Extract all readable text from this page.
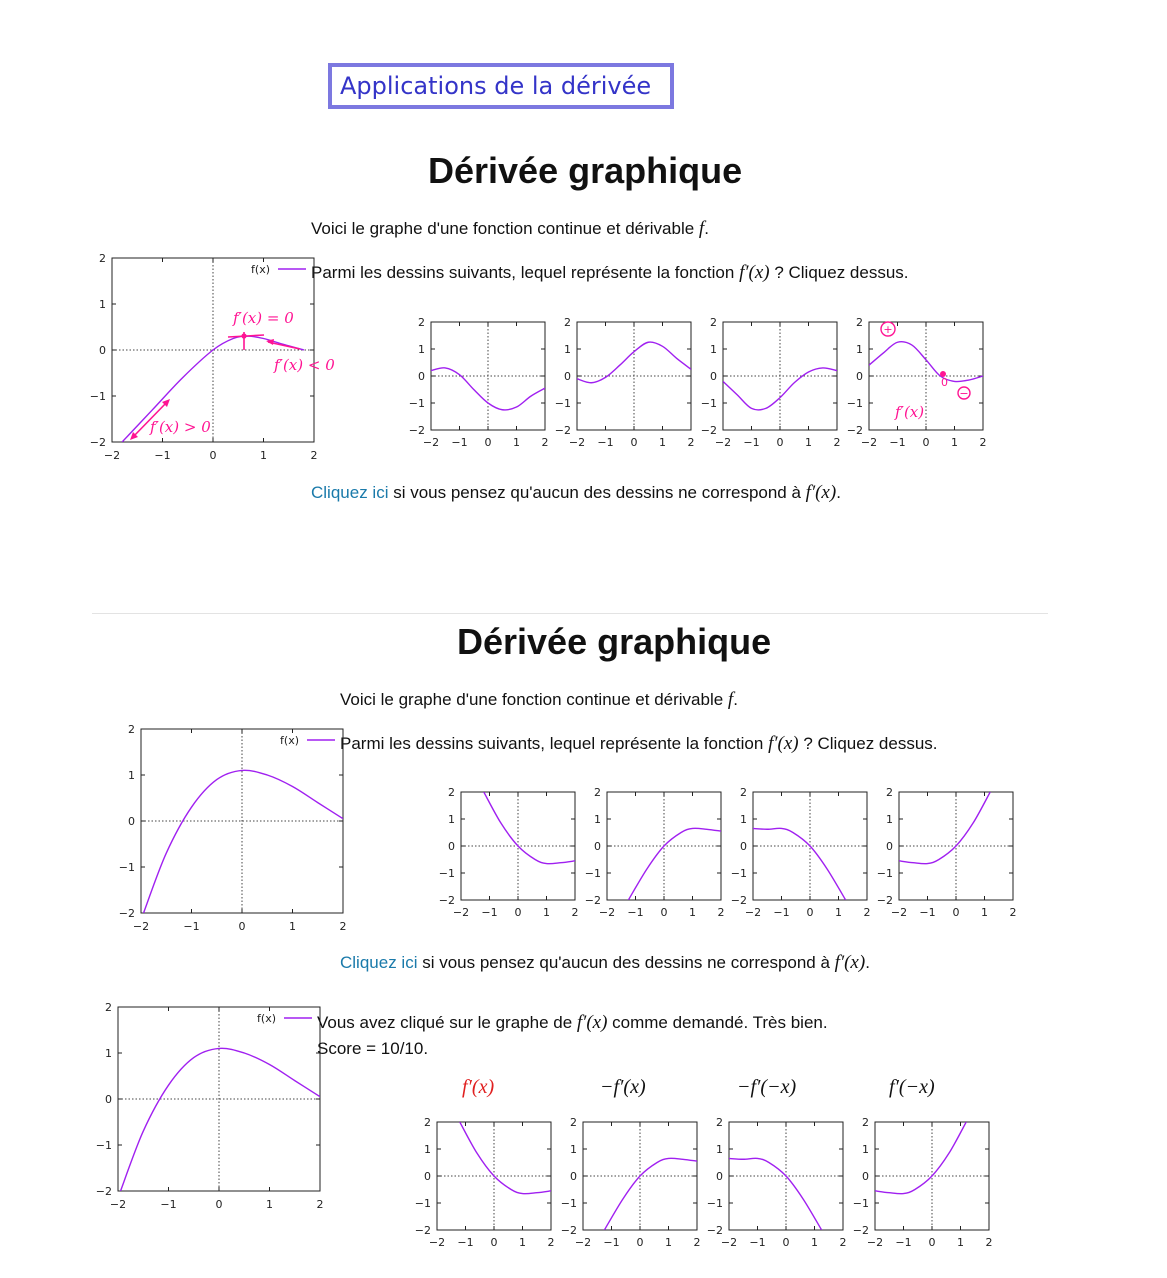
Applications de la dérivée
Dérivée graphique
Voici le graphe d'une fonction continue et dérivable f.
Parmi les dessins suivants, lequel représente la fonction f′(x) ? Cliquez dessus.
−2
−2
−1
−1
0
0
1
1
2
2
f(x)
f′(x) = 0
f′(x) < 0
f′(x) > 0
−2
−2
−1
−1
0
0
1
1
2
2
−2
−2
−1
−1
0
0
1
1
2
2
−2
−2
−1
−1
0
0
1
1
2
2
−2
−2
−1
−1
0
0
1
1
2
2
+
0
−
f′(x)
Cliquez ici si vous pensez qu'aucun des dessins ne correspond à f′(x).
Dérivée graphique
Voici le graphe d'une fonction continue et dérivable f.
Parmi les dessins suivants, lequel représente la fonction f′(x) ? Cliquez dessus.
−2
−2
−1
−1
0
0
1
1
2
2
f(x)
−2
−2
−1
−1
0
0
1
1
2
2
−2
−2
−1
−1
0
0
1
1
2
2
−2
−2
−1
−1
0
0
1
1
2
2
−2
−2
−1
−1
0
0
1
1
2
2
Cliquez ici si vous pensez qu'aucun des dessins ne correspond à f′(x).
−2
−2
−1
−1
0
0
1
1
2
2
f(x) Vous avez cliqué sur le graphe de f′(x) comme demandé. Très bien.
Score = 10/10.
f′(x)	−f′(x)	−f′(−x)	f′(−x)
−2
−2
−1
−1
0
0
1
1
2
2
−2
−2
−1
−1
0
0
1
1
2
2
−2
−2
−1
−1
0
0
1
1
2
2
−2
−2
−1
−1
0
0
1
1
2
2
